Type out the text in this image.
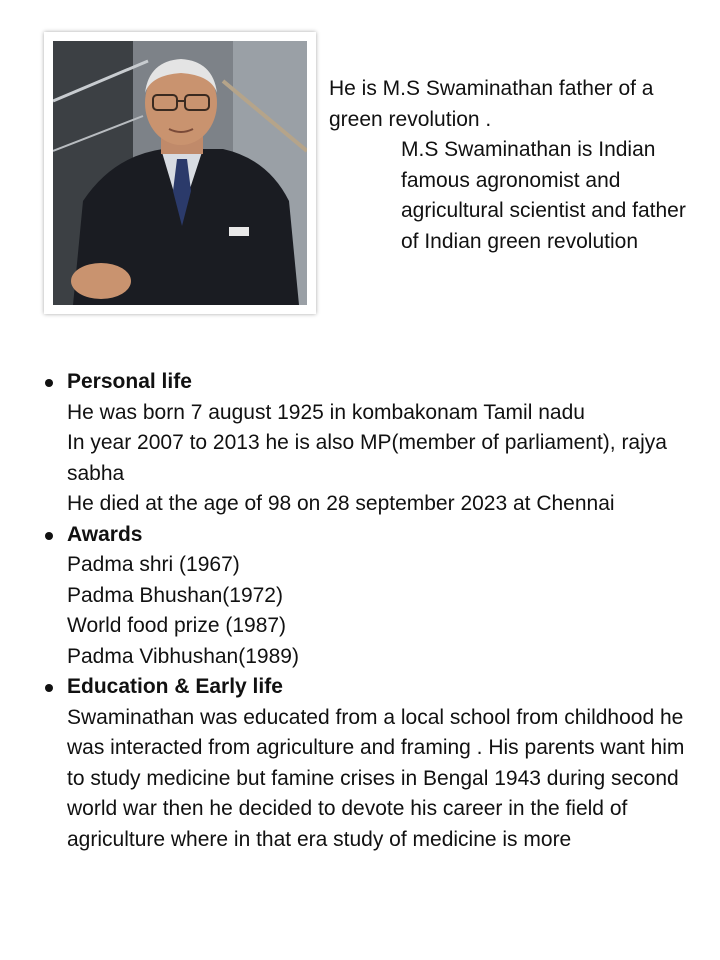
He is M.S Swaminathan father of a green revolution .

M.S Swaminathan is Indian famous agronomist and agricultural scientist and father of Indian green revolution

Personal life
He was born 7 august 1925 in kombakonam Tamil nadu
In year 2007 to 2013 he is also MP(member of parliament), rajya sabha
He died at the age of 98 on 28 september 2023 at Chennai
Awards
Padma shri (1967)
Padma Bhushan(1972)
World food prize (1987)
Padma Vibhushan(1989)
Education & Early life
Swaminathan was educated from a local school from childhood he was interacted from agriculture and framing . His parents want him to study medicine but famine crises in Bengal 1943 during second world war then he decided to devote his career in the field of agriculture where in that era study of medicine is more
